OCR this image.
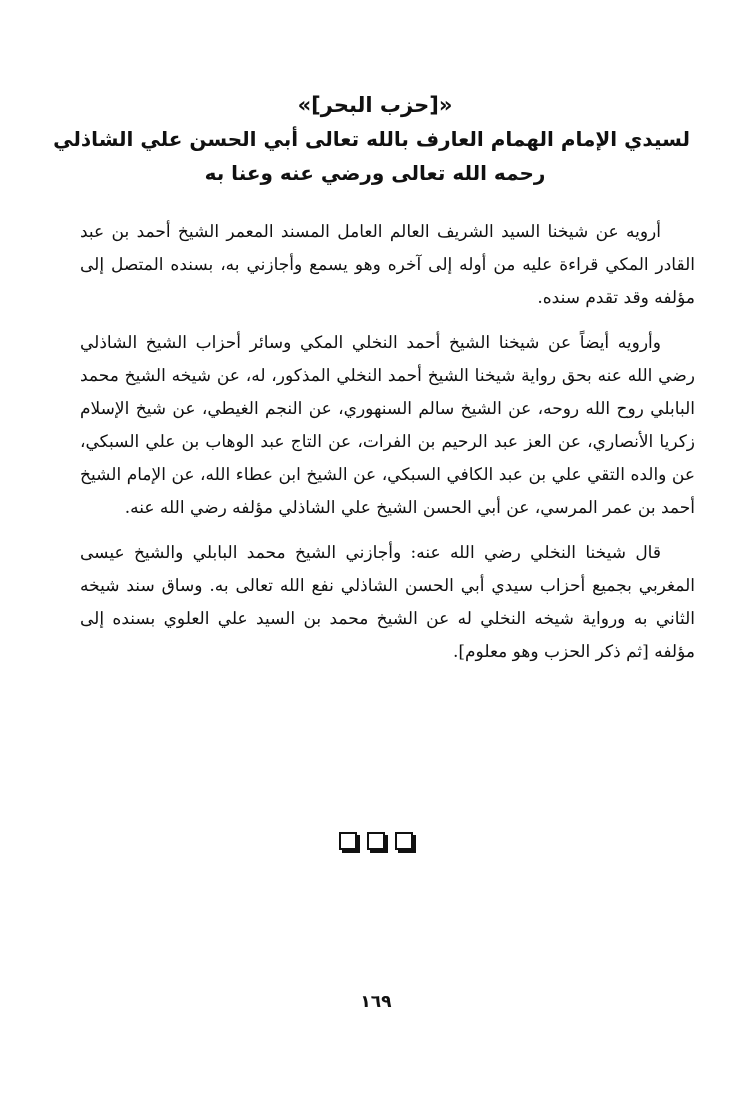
«[حزب البحر]»
لسيدي الإمام الهمام العارف بالله تعالى أبي الحسن علي الشاذلي
رحمه الله تعالى ورضي عنه وعنا به

أرويه عن شيخنا السيد الشريف العالم العامل المسند المعمر الشيخ أحمد بن عبد القادر المكي قراءة عليه من أوله إلى آخره وهو يسمع وأجازني به، بسنده المتصل إلى مؤلفه وقد تقدم سنده.

وأرويه أيضاً عن شيخنا الشيخ أحمد النخلي المكي وسائر أحزاب الشيخ الشاذلي رضي الله عنه بحق رواية شيخنا الشيخ أحمد النخلي المذكور، له، عن شيخه الشيخ محمد البابلي روح الله روحه، عن الشيخ سالم السنهوري، عن النجم الغيطي، عن شيخ الإسلام زكريا الأنصاري، عن العز عبد الرحيم بن الفرات، عن التاج عبد الوهاب بن علي السبكي، عن والده التقي علي بن عبد الكافي السبكي، عن الشيخ ابن عطاء الله، عن الإمام الشيخ أحمد بن عمر المرسي، عن أبي الحسن الشيخ علي الشاذلي مؤلفه رضي الله عنه.

قال شيخنا النخلي رضي الله عنه: وأجازني الشيخ محمد البابلي والشيخ عيسى المغربي بجميع أحزاب سيدي أبي الحسن الشاذلي نفع الله تعالى به. وساق سند شيخه الثاني به ورواية شيخه النخلي له عن الشيخ محمد بن السيد علي العلوي بسنده إلى مؤلفه [ثم ذكر الحزب وهو معلوم].

١٦٩
